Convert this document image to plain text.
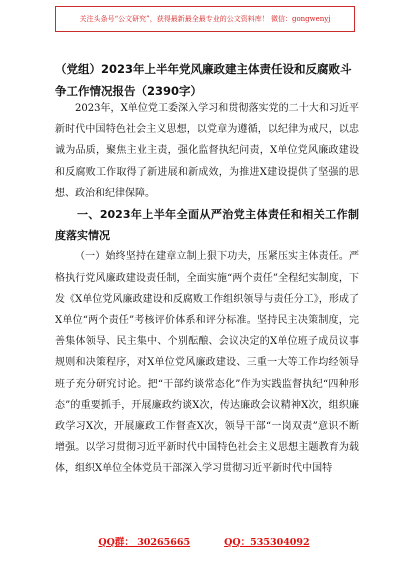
关注头条号“公文研究”，获得最新最全最专业的公文资料库！ 微信：gongwenyj
（党组）2023年上半年党风廉政建主体责任设和反腐败斗争工作情况报告（2390字）

2023年，X单位党工委深入学习和贯彻落实党的二十大和习近平新时代中国特色社会主义思想，以党章为遵循，以纪律为戒尺，以忠诚为品质，聚焦主业主责，强化监督执纪问责，X单位党风廉政建设和反腐败工作取得了新进展和新成效，为推进X建设提供了坚强的思想、政治和纪律保障。

一、2023年上半年全面从严治党主体责任和相关工作制度落实情况

（一）始终坚持在建章立制上狠下功夫，压紧压实主体责任。严格执行党风廉政建设责任制，全面实施“两个责任”全程纪实制度，下发《X单位党风廉政建设和反腐败工作组织领导与责任分工》，形成了X单位“两个责任”考核评价体系和评分标准。坚持民主决策制度，完善集体领导、民主集中、个别酝酿、会议决定的X单位班子成员议事规则和决策程序，对X单位党风廉政建设、三重一大等工作均经领导班子充分研究讨论。把“干部约谈常态化”作为实践监督执纪“四种形态”的重要抓手，开展廉政约谈X次，传达廉政会议精神X次，组织廉政学习X次，开展廉政工作督查X次，领导干部“一岗双责”意识不断增强。以学习贯彻习近平新时代中国特色社会主义思想主题教育为载体，组织X单位全体党员干部深入学习贯彻习近平新时代中国特

QQ群： 30265665	QQ：535304092
